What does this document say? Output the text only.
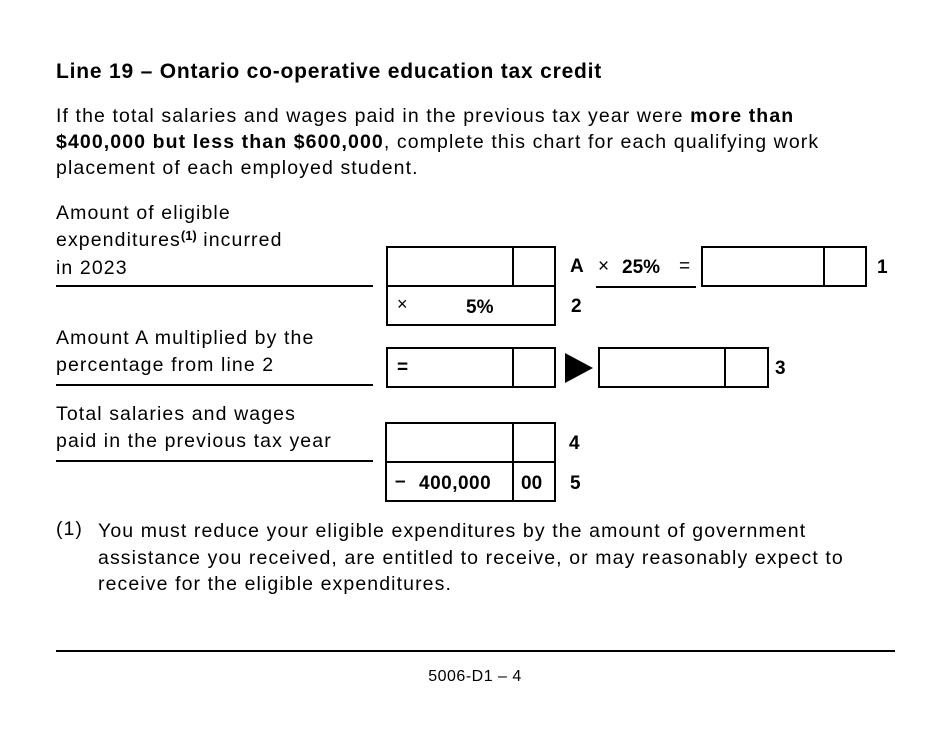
Line 19 – Ontario co-operative education tax credit
If the total salaries and wages paid in the previous tax year were more than $400,000 but less than $600,000, complete this chart for each qualifying work placement of each employed student.
Amount of eligible
expenditures$^{(1)}$ incurred
in 2023	A × 25% =	1
×	5%	2
Amount A multiplied by the
percentage from line 2	=	3
Total salaries and wages
paid in the previous tax year	4
– 400,000 00 5
(1) You must reduce your eligible expenditures by the amount of government assistance you received, are entitled to receive, or may reasonably expect to receive for the eligible expenditures.
5006-D1 – 4
